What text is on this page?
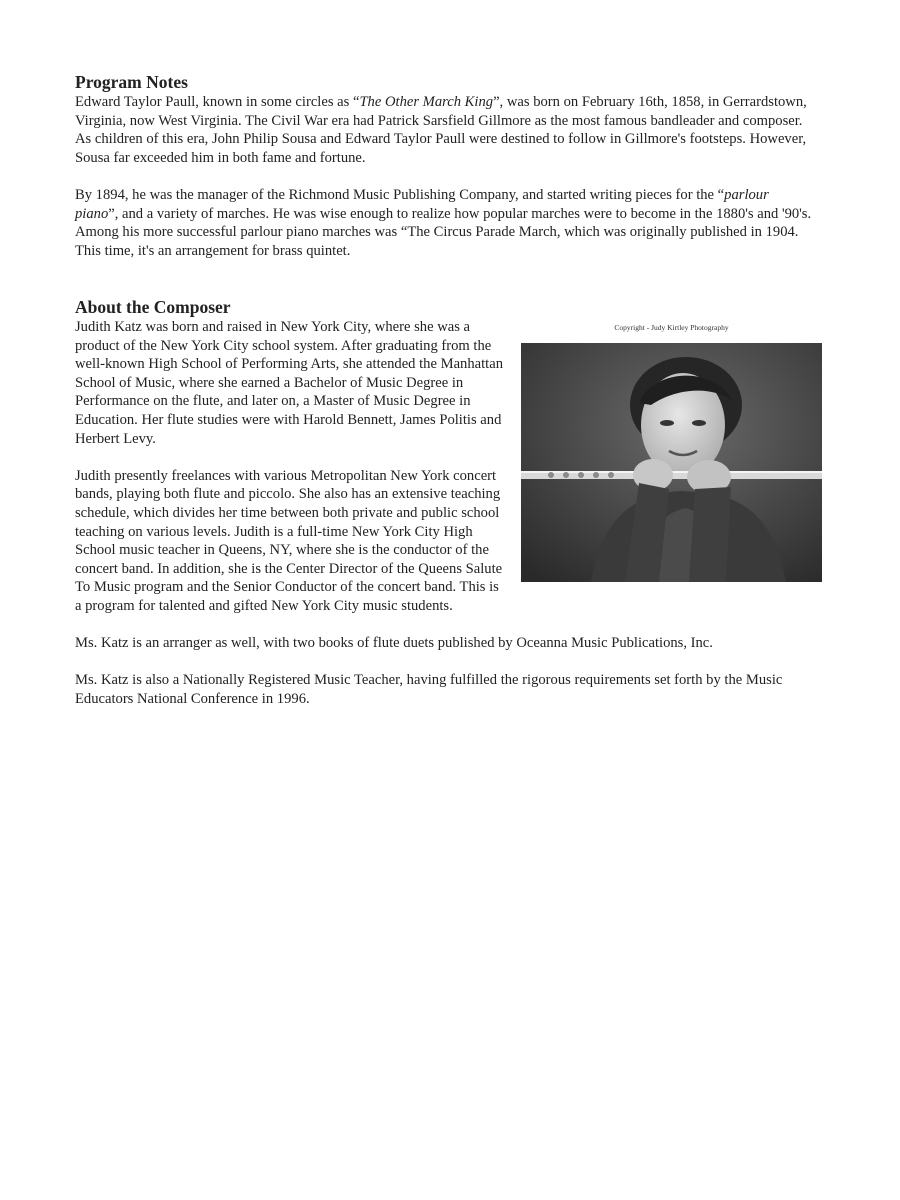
Program Notes

Edward Taylor Paull, known in some circles as “The Other March King”, was born on February 16th, 1858, in Gerrardstown, Virginia, now West Virginia. The Civil War era had Patrick Sarsfield Gillmore as the most famous bandleader and composer. As children of this era, John Philip Sousa and Edward Taylor Paull were destined to follow in Gillmore's footsteps. However, Sousa far exceeded him in both fame and fortune.

By 1894, he was the manager of the Richmond Music Publishing Company, and started writing pieces for the “parlour piano”, and a variety of marches. He was wise enough to realize how popular marches were to become in the 1880's and '90's. Among his more successful parlour piano marches was “The Circus Parade March, which was originally published in 1904. This time, it's an arrangement for brass quintet.

About the Composer
Copyright - Judy Kirtley Photography

Judith Katz was born and raised in New York City, where she was a product of the New York City school system. After graduating from the well-known High School of Performing Arts, she attended the Manhattan School of Music, where she earned a Bachelor of Music Degree in Performance on the flute, and later on, a Master of Music Degree in Education. Her flute studies were with Harold Bennett, James Politis and Herbert Levy.

Judith presently freelances with various Metropolitan New York concert bands, playing both flute and piccolo. She also has an extensive teaching schedule, which divides her time between both private and public school teaching on various levels. Judith is a full-time New York City High School music teacher in Queens, NY, where she is the conductor of the concert band. In addition, she is the Center Director of the Queens Salute To Music program and the Senior Conductor of the concert band. This is a program for talented and gifted New York City music students.

Ms. Katz is an arranger as well, with two books of flute duets published by Oceanna Music Publications, Inc.

Ms. Katz is also a Nationally Registered Music Teacher, having fulfilled the rigorous requirements set forth by the Music Educators National Conference in 1996.
